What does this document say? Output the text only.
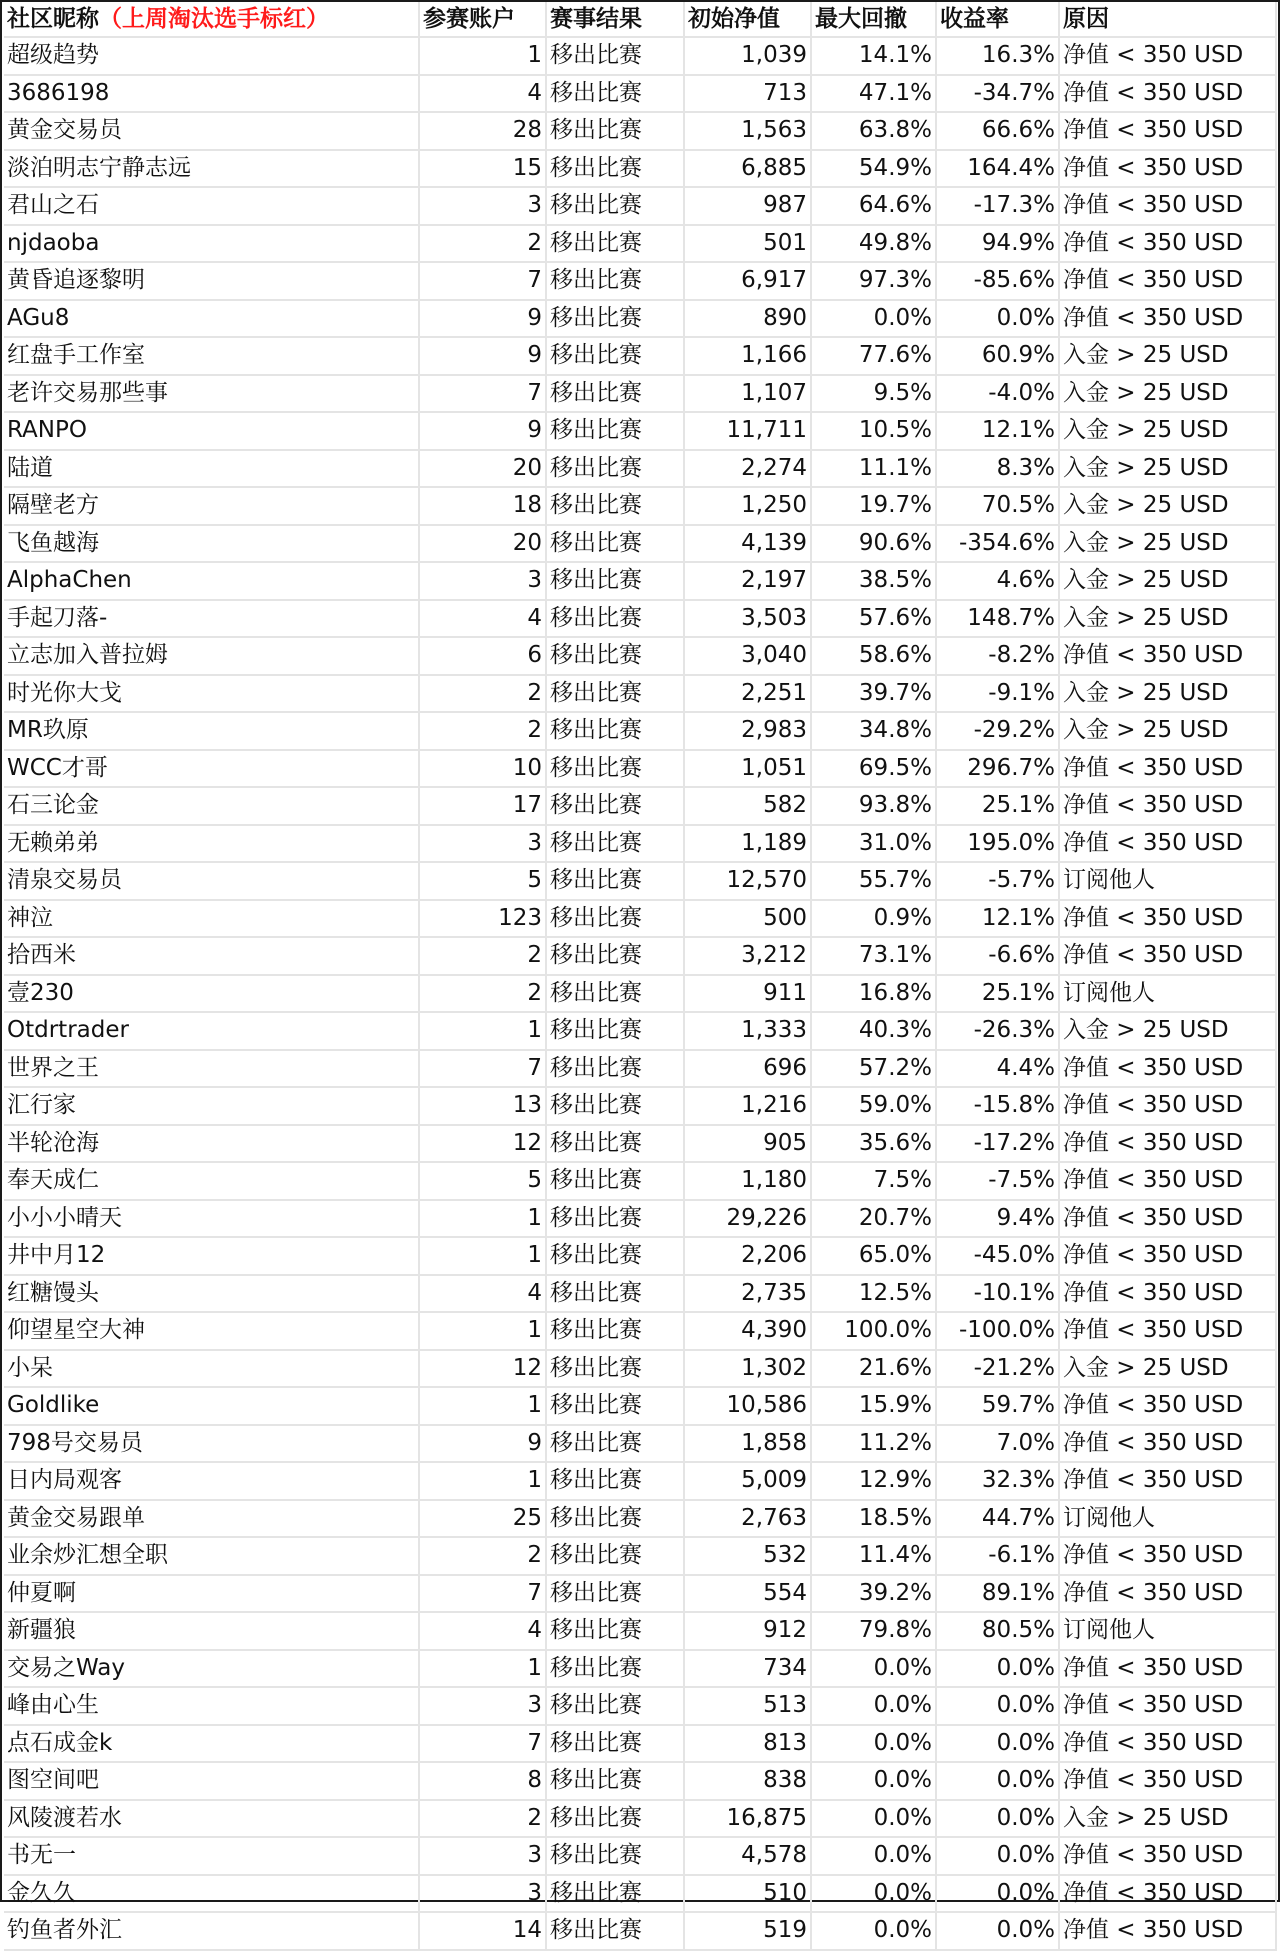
社区昵称（上周淘汰选手标红）	参赛账户	赛事结果	初始净值	最大回撤	收益率	原因
超级趋势	1	移出比赛	1,039	14.1%	16.3%	净值 < 350 USD
3686198	4	移出比赛	713	47.1%	-34.7%	净值 < 350 USD
黄金交易员	28	移出比赛	1,563	63.8%	66.6%	净值 < 350 USD
淡泊明志宁静志远	15	移出比赛	6,885	54.9%	164.4%	净值 < 350 USD
君山之石	3	移出比赛	987	64.6%	-17.3%	净值 < 350 USD
njdaoba	2	移出比赛	501	49.8%	94.9%	净值 < 350 USD
黄昏追逐黎明	7	移出比赛	6,917	97.3%	-85.6%	净值 < 350 USD
AGu8	9	移出比赛	890	0.0%	0.0%	净值 < 350 USD
红盘手工作室	9	移出比赛	1,166	77.6%	60.9%	入金 > 25 USD
老许交易那些事	7	移出比赛	1,107	9.5%	-4.0%	入金 > 25 USD
RANPO	9	移出比赛	11,711	10.5%	12.1%	入金 > 25 USD
陆道	20	移出比赛	2,274	11.1%	8.3%	入金 > 25 USD
隔壁老方	18	移出比赛	1,250	19.7%	70.5%	入金 > 25 USD
飞鱼越海	20	移出比赛	4,139	90.6%	-354.6%	入金 > 25 USD
AlphaChen	3	移出比赛	2,197	38.5%	4.6%	入金 > 25 USD
手起刀落-	4	移出比赛	3,503	57.6%	148.7%	入金 > 25 USD
立志加入普拉姆	6	移出比赛	3,040	58.6%	-8.2%	净值 < 350 USD
时光你大戈	2	移出比赛	2,251	39.7%	-9.1%	入金 > 25 USD
MR玖原	2	移出比赛	2,983	34.8%	-29.2%	入金 > 25 USD
WCC才哥	10	移出比赛	1,051	69.5%	296.7%	净值 < 350 USD
石三论金	17	移出比赛	582	93.8%	25.1%	净值 < 350 USD
无赖弟弟	3	移出比赛	1,189	31.0%	195.0%	净值 < 350 USD
清泉交易员	5	移出比赛	12,570	55.7%	-5.7%	订阅他人
神泣	123	移出比赛	500	0.9%	12.1%	净值 < 350 USD
拾西米	2	移出比赛	3,212	73.1%	-6.6%	净值 < 350 USD
壹230	2	移出比赛	911	16.8%	25.1%	订阅他人
Otdrtrader	1	移出比赛	1,333	40.3%	-26.3%	入金 > 25 USD
世界之王	7	移出比赛	696	57.2%	4.4%	净值 < 350 USD
汇行家	13	移出比赛	1,216	59.0%	-15.8%	净值 < 350 USD
半轮沧海	12	移出比赛	905	35.6%	-17.2%	净值 < 350 USD
奉天成仁	5	移出比赛	1,180	7.5%	-7.5%	净值 < 350 USD
小小小晴天	1	移出比赛	29,226	20.7%	9.4%	净值 < 350 USD
井中月12	1	移出比赛	2,206	65.0%	-45.0%	净值 < 350 USD
红糖馒头	4	移出比赛	2,735	12.5%	-10.1%	净值 < 350 USD
仰望星空大神	1	移出比赛	4,390	100.0%	-100.0%	净值 < 350 USD
小呆	12	移出比赛	1,302	21.6%	-21.2%	入金 > 25 USD
Goldlike	1	移出比赛	10,586	15.9%	59.7%	净值 < 350 USD
798号交易员	9	移出比赛	1,858	11.2%	7.0%	净值 < 350 USD
日内局观客	1	移出比赛	5,009	12.9%	32.3%	净值 < 350 USD
黄金交易跟单	25	移出比赛	2,763	18.5%	44.7%	订阅他人
业余炒汇想全职	2	移出比赛	532	11.4%	-6.1%	净值 < 350 USD
仲夏啊	7	移出比赛	554	39.2%	89.1%	净值 < 350 USD
新疆狼	4	移出比赛	912	79.8%	80.5%	订阅他人
交易之Way	1	移出比赛	734	0.0%	0.0%	净值 < 350 USD
峰由心生	3	移出比赛	513	0.0%	0.0%	净值 < 350 USD
点石成金k	7	移出比赛	813	0.0%	0.0%	净值 < 350 USD
图空间吧	8	移出比赛	838	0.0%	0.0%	净值 < 350 USD
风陵渡若水	2	移出比赛	16,875	0.0%	0.0%	入金 > 25 USD
书无一	3	移出比赛	4,578	0.0%	0.0%	净值 < 350 USD
金久久	3	移出比赛	510	0.0%	0.0%	净值 < 350 USD
钓鱼者外汇	14	移出比赛	519	0.0%	0.0%	净值 < 350 USD
